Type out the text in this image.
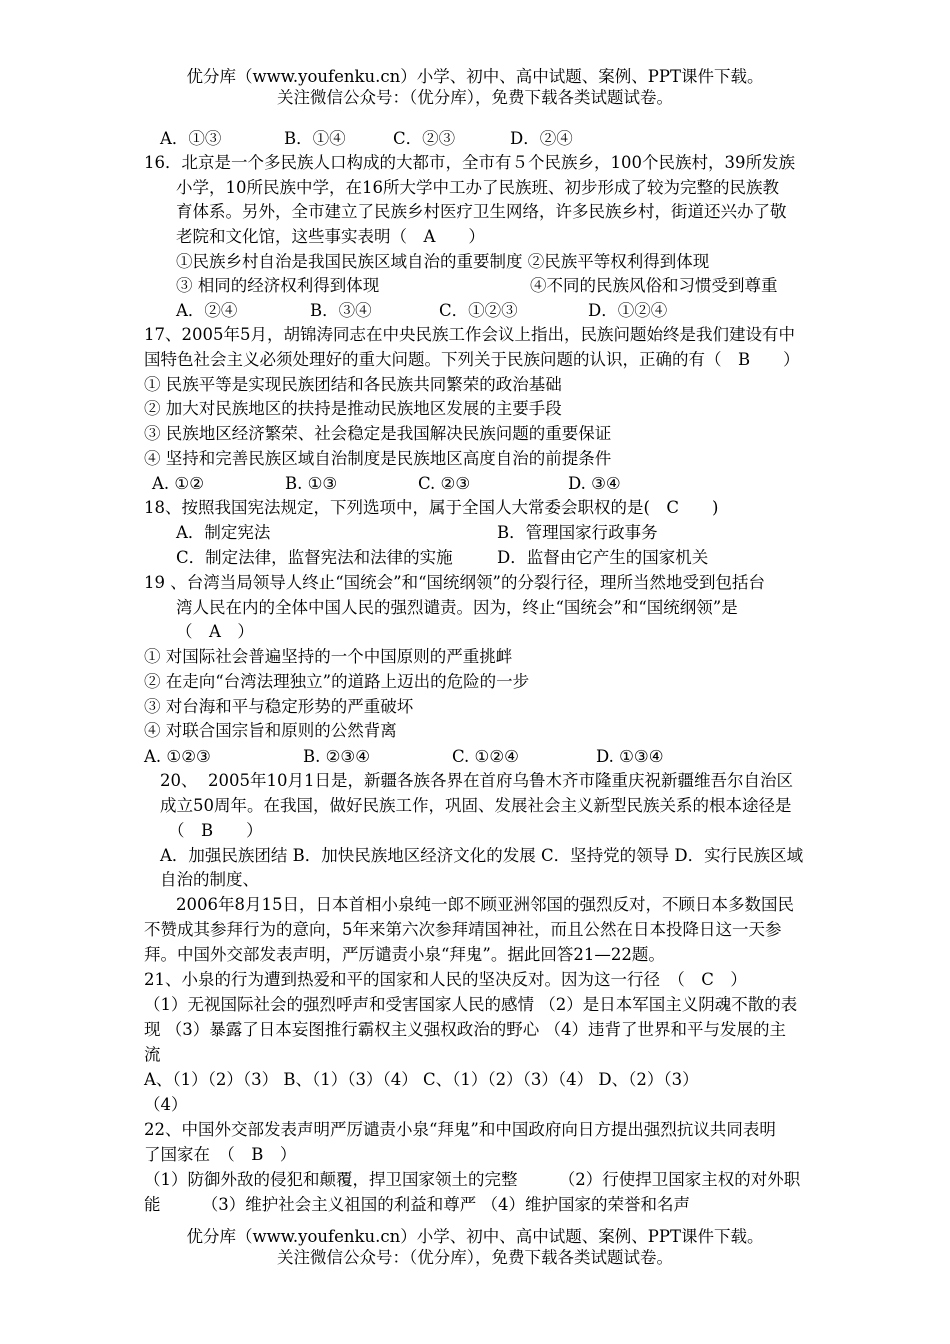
优分库（www.youfenku.cn）小学、初中、高中试题、案例、PPT课件下载。
关注微信公众号：（优分库），免费下载各类试题试卷。
A．①③	B．①④	C．②③	D．②④
16．北京是一个多民族人口构成的大都市，全市有５个民族乡，100个民族村，39所发族
小学，10所民族中学，在16所大学中工办了民族班、初步形成了较为完整的民族教
育体系。另外，全市建立了民族乡村医疗卫生网络，许多民族乡村，街道还兴办了敬
老院和文化馆，这些事实表明（　A　　）
①民族乡村自治是我国民族区域自治的重要制度 ②民族平等权利得到体现
③ 相同的经济权利得到体现	④不同的民族风俗和习惯受到尊重
A．②④	B．③④	C．①②③	D．①②④
17、2005年5月，胡锦涛同志在中央民族工作会议上指出，民族问题始终是我们建设有中
国特色社会主义必须处理好的重大问题。下列关于民族问题的认识，正确的有（　B　　）
① 民族平等是实现民族团结和各民族共同繁荣的政治基础
② 加大对民族地区的扶持是推动民族地区发展的主要手段
③ 民族地区经济繁荣、社会稳定是我国解决民族问题的重要保证
④ 坚持和完善民族区域自治制度是民族地区高度自治的前提条件
A. ①②	B. ①③	C. ②③	D. ③④
18、按照我国宪法规定，下列选项中，属于全国人大常委会职权的是(　C　　)
A．制定宪法	B．管理国家行政事务
C．制定法律，监督宪法和法律的实施	D．监督由它产生的国家机关
19 、台湾当局领导人终止“国统会”和“国统纲领”的分裂行径，理所当然地受到包括台
湾人民在内的全体中国人民的强烈谴责。因为，终止“国统会”和“国统纲领”是
（　A　）
① 对国际社会普遍坚持的一个中国原则的严重挑衅
② 在走向“台湾法理独立”的道路上迈出的危险的一步
③ 对台海和平与稳定形势的严重破坏
④ 对联合国宗旨和原则的公然背离
A. ①②③	B. ②③④	C. ①②④	D. ①③④
20、  2005年10月1日是，新疆各族各界在首府乌鲁木齐市隆重庆祝新疆维吾尔自治区
成立50周年。在我国，做好民族工作，巩固、发展社会主义新型民族关系的根本途径是
（　B　　）
A．加强民族团结 B．加快民族地区经济文化的发展 C．坚持党的领导 D．实行民族区域
自治的制度、
2006年8月15日，日本首相小泉纯一郎不顾亚洲邻国的强烈反对，不顾日本多数国民
不赞成其参拜行为的意向，5年来第六次参拜靖国神社，而且公然在日本投降日这一天参
拜。中国外交部发表声明，严厉谴责小泉“拜鬼”。据此回答21—22题。
21、小泉的行为遭到热爱和平的国家和人民的坚决反对。因为这一行径　（　C　）
（1）无视国际社会的强烈呼声和受害国家人民的感情 （2）是日本军国主义阴魂不散的表
现 （3）暴露了日本妄图推行霸权主义强权政治的野心 （4）违背了世界和平与发展的主
流
A、（1）（2）（3） B、（1）（3）（4） C、（1）（2）（3）（4） D、（2）（3）
（4）
22、中国外交部发表声明严厉谴责小泉“拜鬼”和中国政府向日方提出强烈抗议共同表明
了国家在　（　B　）
（1）防御外敌的侵犯和颠覆，捍卫国家领土的完整　　　（2）行使捍卫国家主权的对外职
能　　　（3）维护社会主义祖国的利益和尊严 （4）维护国家的荣誉和名声
优分库（www.youfenku.cn）小学、初中、高中试题、案例、PPT课件下载。
关注微信公众号：（优分库），免费下载各类试题试卷。
